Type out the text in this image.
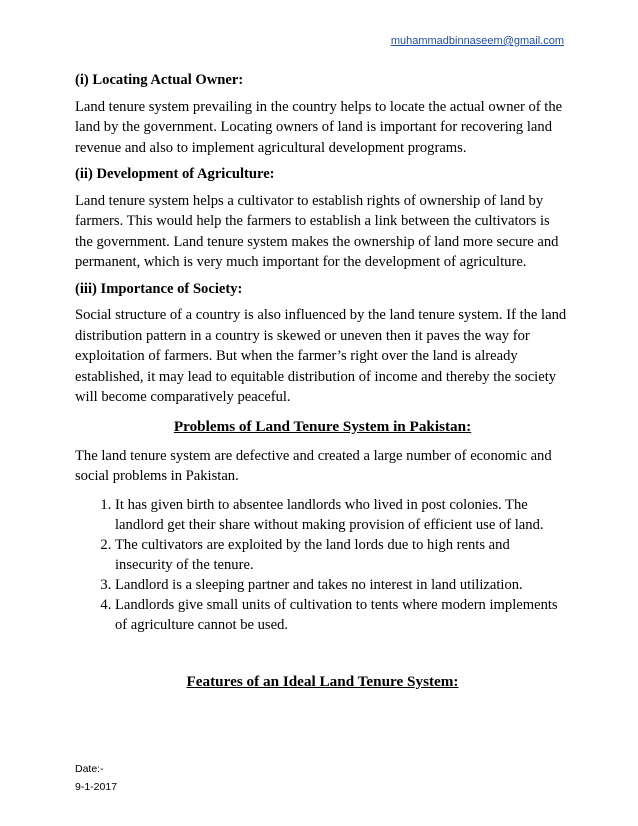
muhammadbinnaseem@gmail.com
(i) Locating Actual Owner:

Land tenure system prevailing in the country helps to locate the actual owner of the land by the government. Locating owners of land is important for recovering land revenue and also to implement agricultural development programs.

(ii) Development of Agriculture:

Land tenure system helps a cultivator to establish rights of ownership of land by farmers. This would help the farmers to establish a link between the cultivators is the government. Land tenure system makes the ownership of land more secure and permanent, which is very much important for the development of agriculture.

(iii) Importance of Society:

Social structure of a country is also influenced by the land tenure system. If the land distribution pattern in a country is skewed or uneven then it paves the way for exploitation of farmers. But when the farmer’s right over the land is already established, it may lead to equitable distribution of income and thereby the society will become comparatively peaceful.

Problems of Land Tenure System in Pakistan:

The land tenure system are defective and created a large number of economic and social problems in Pakistan.

1. It has given birth to absentee landlords who lived in post colonies. The landlord get their share without making provision of efficient use of land.
2. The cultivators are exploited by the land lords due to high rents and insecurity of the tenure.
3. Landlord is a sleeping partner and takes no interest in land utilization.
4. Landlords give small units of cultivation to tents where modern implements of agriculture cannot be used.
Features of an Ideal Land Tenure System:
Date:-
9-1-2017
